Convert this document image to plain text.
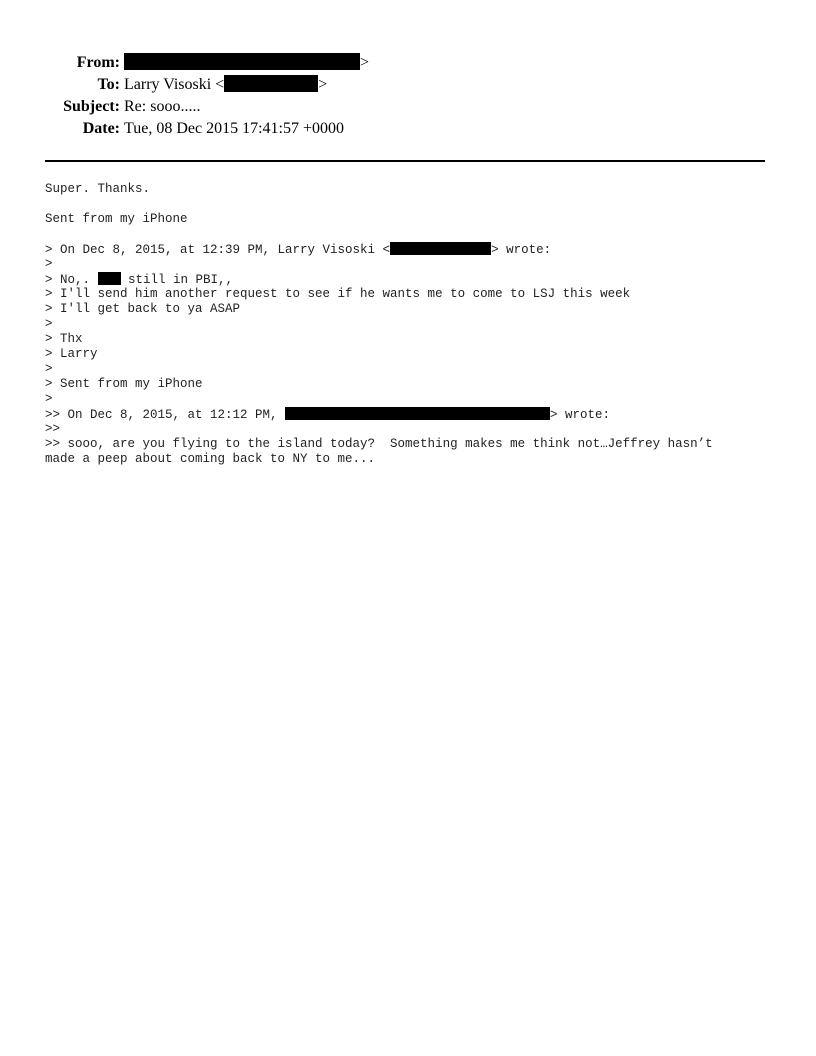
From:	>
To: Larry Visoski <	>
Subject: Re: sooo.....
Date: Tue, 08 Dec 2015 17:41:57 +0000
Super. Thanks.
Sent from my iPhone
> On Dec 8, 2015, at 12:39 PM, Larry Visoski <	> wrote:
>
> No,.  still in PBI,,
> I'll send him another request to see if he wants me to come to LSJ this week
> I'll get back to ya ASAP
>
> Thx
> Larry
>
> Sent from my iPhone
>
>> On Dec 8, 2015, at 12:12 PM,	> wrote:
>>
>> sooo, are you flying to the island today?  Something makes me think not…Jeffrey hasn’t
made a peep about coming back to NY to me...
